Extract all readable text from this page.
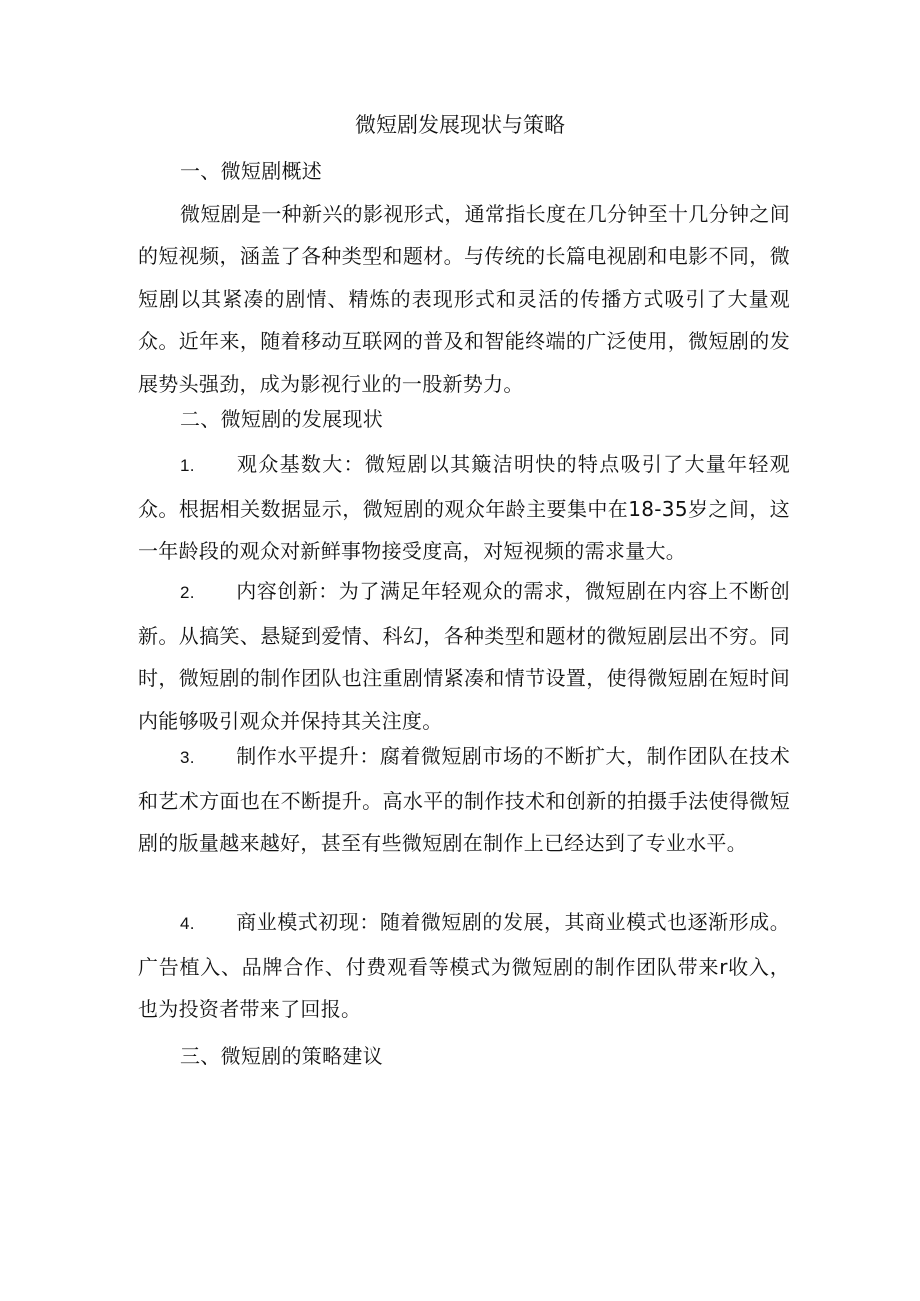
微短剧发展现状与策略

一、微短剧概述

微短剧是一种新兴的影视形式，通常指长度在几分钟至十几分钟之间的短视频，涵盖了各种类型和题材。与传统的长篇电视剧和电影不同，微短剧以其紧凑的剧情、精炼的表现形式和灵活的传播方式吸引了大量观众。近年来，随着移动互联网的普及和智能终端的广泛使用，微短剧的发展势头强劲，成为影视行业的一股新势力。

二、微短剧的发展现状

1. 观众基数大：微短剧以其簸洁明快的特点吸引了大量年轻观众。根据相关数据显示，微短剧的观众年龄主要集中在18-35岁之间，这一年龄段的观众对新鲜事物接受度高，对短视频的需求量大。

2. 内容创新：为了满足年轻观众的需求，微短剧在内容上不断创新。从搞笑、悬疑到爱情、科幻，各种类型和题材的微短剧层出不穷。同时，微短剧的制作团队也注重剧情紧凑和情节设置，使得微短剧在短时间内能够吸引观众并保持其关注度。

3. 制作水平提升：腐着微短剧市场的不断扩大，制作团队在技术和艺术方面也在不断提升。高水平的制作技术和创新的拍摄手法使得微短剧的版量越来越好，甚至有些微短剧在制作上已经达到了专业水平。

4. 商业模式初现：随着微短剧的发展，其商业模式也逐渐形成。广告植入、品牌合作、付费观看等模式为微短剧的制作团队带来r收入，也为投资者带来了回报。

三、微短剧的策略建议
